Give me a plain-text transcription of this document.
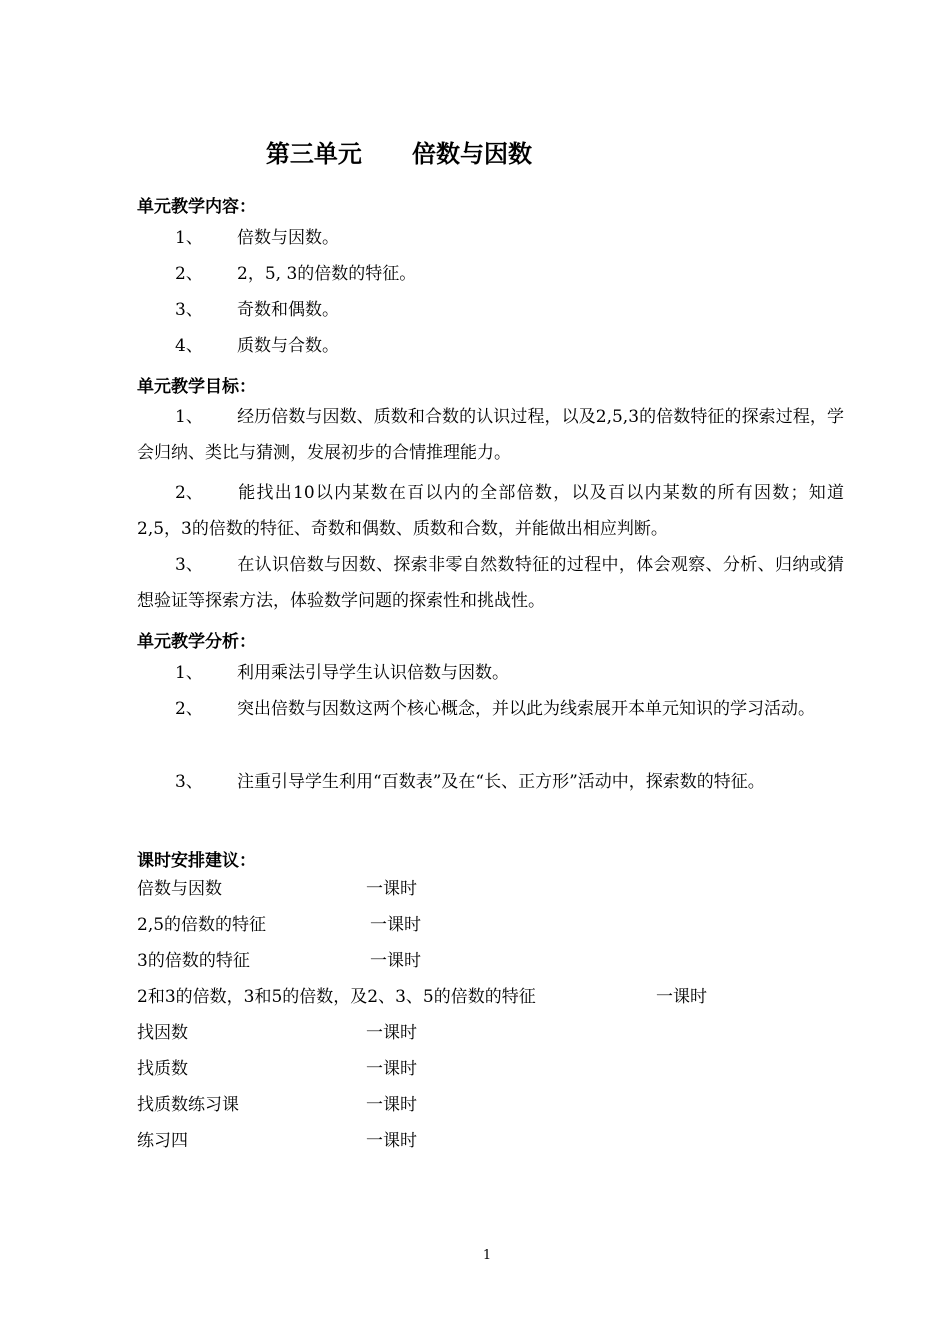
第三单元      倍数与因数
单元教学内容：
1、 倍数与因数。
2、 2，5, 3的倍数的特征。
3、 奇数和偶数。
4、 质数与合数。
单元教学目标：
1、 经历倍数与因数、质数和合数的认识过程，以及2,5,3的倍数特征的探索过程，学会归纳、类比与猜测，发展初步的合情推理能力。
2、 能找出10以内某数在百以内的全部倍数，以及百以内某数的所有因数；知道2,5，3的倍数的特征、奇数和偶数、质数和合数，并能做出相应判断。
3、 在认识倍数与因数、探索非零自然数特征的过程中，体会观察、分析、归纳或猜想验证等探索方法，体验数学问题的探索性和挑战性。
单元教学分析：
1、 利用乘法引导学生认识倍数与因数。
2、 突出倍数与因数这两个核心概念，并以此为线索展开本单元知识的学习活动。
3、 注重引导学生利用“百数表”及在“长、正方形”活动中，探索数的特征。
课时安排建议：
倍数与因数	一课时
2,5的倍数的特征	一课时
3的倍数的特征	一课时
2和3的倍数，3和5的倍数，及2、3、5的倍数的特征	一课时
找因数	一课时
找质数	一课时
找质数练习课	一课时
练习四	一课时
1
